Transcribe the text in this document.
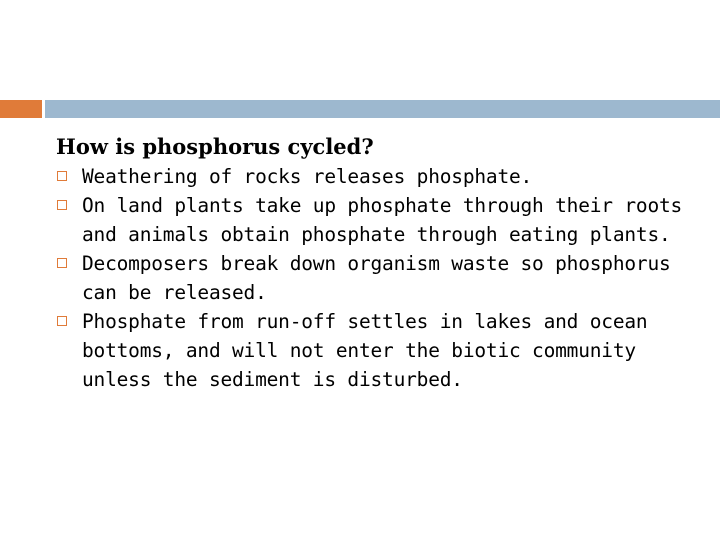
How is phosphorus cycled?
Weathering of rocks releases phosphate.
On land plants take up phosphate through their roots and animals obtain phosphate through eating plants.
Decomposers break down organism waste so phosphorus can be released.
Phosphate from run-off settles in lakes and ocean bottoms, and will not enter the biotic community unless the sediment is disturbed.
